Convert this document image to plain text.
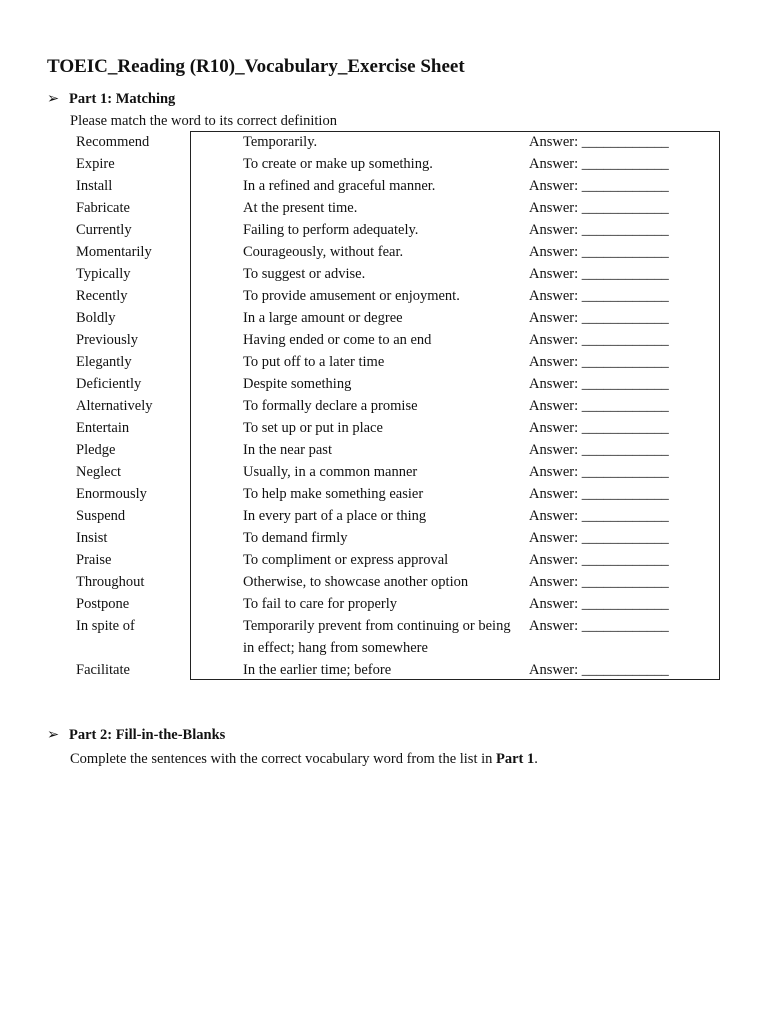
TOEIC_Reading (R10)_Vocabulary_Exercise Sheet
➢ Part 1: Matching
Please match the word to its correct definition
Recommend	Temporarily.	Answer: ____________
Expire	To create or make up something.	Answer: ____________
Install	In a refined and graceful manner.	Answer: ____________
Fabricate	At the present time.	Answer: ____________
Currently	Failing to perform adequately.	Answer: ____________
Momentarily	Courageously, without fear.	Answer: ____________
Typically	To suggest or advise.	Answer: ____________
Recently	To provide amusement or enjoyment.	Answer: ____________
Boldly	In a large amount or degree	Answer: ____________
Previously	Having ended or come to an end	Answer: ____________
Elegantly	To put off to a later time	Answer: ____________
Deficiently	Despite something	Answer: ____________
Alternatively	To formally declare a promise	Answer: ____________
Entertain	To set up or put in place	Answer: ____________
Pledge	In the near past	Answer: ____________
Neglect	Usually, in a common manner	Answer: ____________
Enormously	To help make something easier	Answer: ____________
Suspend	In every part of a place or thing	Answer: ____________
Insist	To demand firmly	Answer: ____________
Praise	To compliment or express approval	Answer: ____________
Throughout	Otherwise, to showcase another option	Answer: ____________
Postpone	To fail to care for properly	Answer: ____________
In spite of	Temporarily prevent from continuing or being in effect; hang from somewhere
Answer: ____________
Facilitate	In the earlier time; before	Answer: ____________
➢ Part 2: Fill-in-the-Blanks
Complete the sentences with the correct vocabulary word from the list in Part 1.
